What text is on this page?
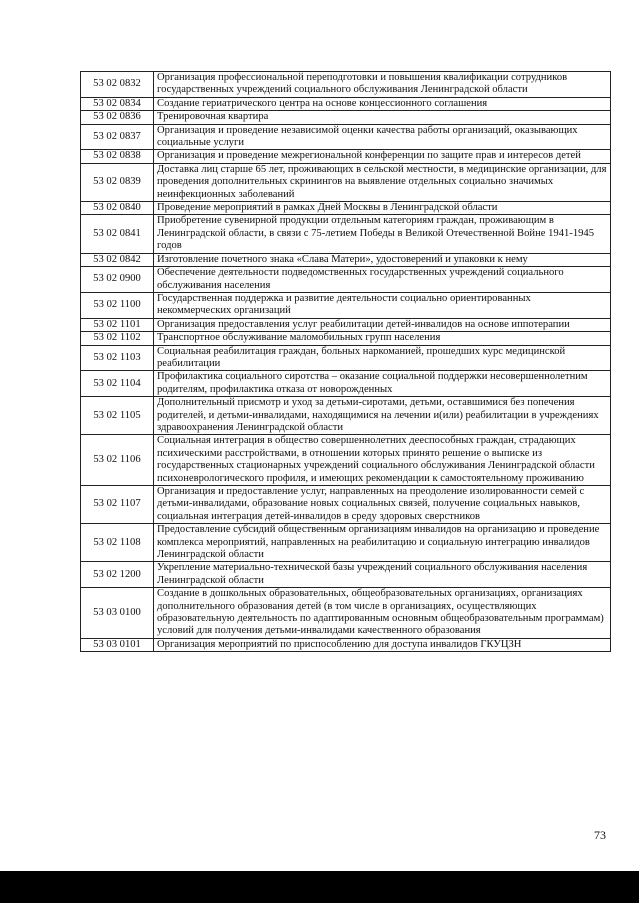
53 02 0832	Организация профессиональной переподготовки и повышения квалификации сотрудников государственных учреждений социального обслуживания Ленинградской области
53 02 0834	Создание гериатрического центра на основе концессионного соглашения
53 02 0836	Тренировочная квартира
53 02 0837	Организация и проведение независимой оценки качества работы организаций, оказывающих социальные услуги
53 02 0838	Организация и проведение межрегиональной конференции по защите прав и интересов детей
53 02 0839	Доставка лиц старше 65 лет, проживающих в сельской местности, в медицинские организации, для проведения дополнительных скринингов на выявление отдельных социально значимых неинфекционных заболеваний
53 02 0840	Проведение мероприятий в рамках Дней Москвы в Ленинградской области
53 02 0841	Приобретение сувенирной продукции отдельным категориям граждан, проживающим в Ленинградской области, в связи с 75-летием Победы в Великой Отечественной Войне 1941-1945 годов
53 02 0842	Изготовление почетного знака «Слава Матери», удостоверений и упаковки к нему
53 02 0900	Обеспечение деятельности подведомственных государственных учреждений социального обслуживания населения
53 02 1100	Государственная поддержка и развитие деятельности социально ориентированных некоммерческих организаций
53 02 1101	Организация предоставления услуг реабилитации детей-инвалидов на основе иппотерапии
53 02 1102	Транспортное обслуживание маломобильных групп населения
53 02 1103	Социальная реабилитация граждан, больных наркоманией, прошедших курс медицинской реабилитации
53 02 1104	Профилактика социального сиротства – оказание социальной поддержки несовершеннолетним родителям, профилактика отказа от новорожденных
53 02 1105	Дополнительный присмотр и уход за детьми-сиротами, детьми, оставшимися без попечения родителей, и детьми-инвалидами, находящимися на лечении и(или) реабилитации в учреждениях здравоохранения Ленинградской области
53 02 1106	Социальная интеграция в общество совершеннолетних дееспособных граждан, страдающих психическими расстройствами, в отношении которых принято решение о выписке из государственных стационарных учреждений социального обслуживания Ленинградской области психоневрологического профиля, и имеющих рекомендации к самостоятельному проживанию
53 02 1107	Организация и предоставление услуг, направленных на преодоление изолированности семей с детьми-инвалидами, образование новых социальных связей, получение социальных навыков, социальная интеграция детей-инвалидов в среду здоровых сверстников
53 02 1108	Предоставление субсидий общественным организациям инвалидов на организацию и проведение комплекса мероприятий, направленных на реабилитацию и социальную интеграцию инвалидов Ленинградской области
53 02 1200	Укрепление материально-технической базы учреждений социального обслуживания населения Ленинградской области
53 03 0100	Создание в дошкольных образовательных, общеобразовательных организациях, организациях дополнительного образования детей (в том числе в организациях, осуществляющих образовательную деятельность по адаптированным основным общеобразовательным программам) условий для получения детьми-инвалидами качественного образования
53 03 0101	Организация мероприятий по приспособлению для доступа инвалидов ГКУЦЗН
73
